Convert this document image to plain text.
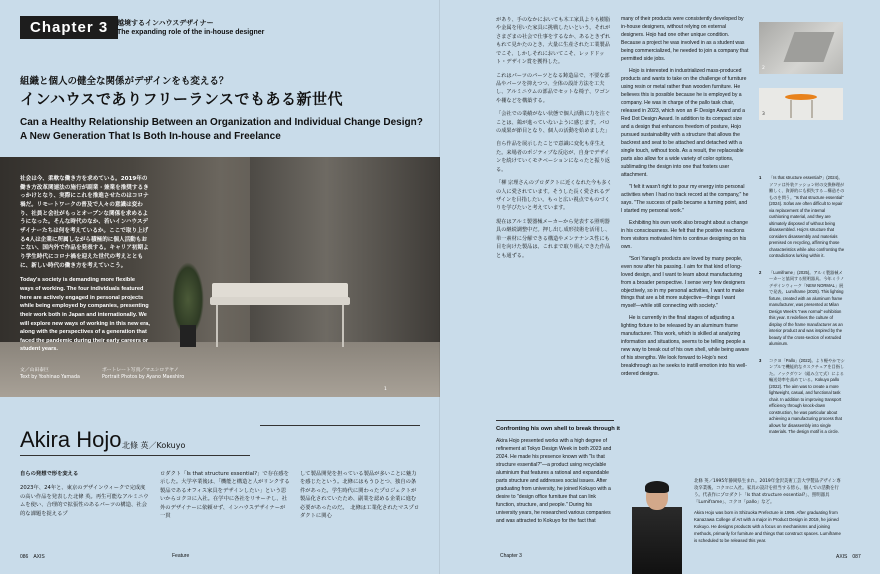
Chapter 3	越境するインハウスデザイナー
The expanding role of the in-house designer
組織と個人の健全な関係がデザインをも変える？
インハウスでありフリーランスでもある新世代
Can a Healthy Relationship Between an Organization and Individual Change Design? A New Generation That Is Both In-house and Freelance
社会は今、柔軟な働き方を求めている。2019年の働き方改革関連法の施行が副業・兼業を推奨するきっかけとなり、実際にこれを推進させたのはコロナ禍だ。リモートワークの普及で人々の意識は変わり、社員と会社がもっとオープンな関係を求めるようになった。そんな時代のなか、若いインハウスデザイナーたちは何を考えているか。ここで取り上げる4人は企業に所属しながら積極的に個人活動もおこない、国内外で作品を発表する。キャリア初期より学生時代にコロナ禍を迎えた世代の考えとともに、新しい時代の働き方を考えていこう。
Today's society is demanding more flexible ways of working. The four individuals featured here are actively engaged in personal projects while being employed by companies, presenting their work both in Japan and internationally. We will explore new ways of working in this new era, along with the perspectives of a generation that faced the pandemic during their early careers or student years.
文／山田泰巨
Text by Yoshinao Yamada
ポートレート写真／マエシロアヤノ
Portrait Photos by Ayano Maeshiro
1
Akira Hojo 北條 英／Kokuyo
自らの発想で形を変える
2023年、24年と、東京のデザインウィークで完成度の高い作品を発表した北條 英。再生可能なアルミニウムを使い、合理的で拡張性のあるパーツの構造、社会的な課題を捉えるプ
ロダクト「Is that structure essential?」で存在感を示した。大学卒業後は、「機能と構造と人がリンクする製品であるオフィス家具をデザインしたい」という思いからコクヨに入社。在学中に各社をリサーチし、社外のデザイナーに依頼せず、インハウスデザイナーが一貫
して製品開発を担っている製品が多いことに魅力を感じたという。北條にはもうひとつ、独自の条件があった。学生時代に関わったプロジェクトが製品化されていたため、副業を認める企業に進む必要があったのだ。　北條は工業化されたマスプロダクトに関心
086　AXIS	Feature

があり、手のなかにおいても木工家具よりも樹脂や金属を用いた家具に挑戦したいという。それがさまざまの社会で仕事をするなか、あるときずれもれて見かたのとき、大量に生産された工業製品でこそ、しかしそれにおいてこそ、レッドドット・デザイン賞を獲得した。

これはパーツのパーツとなる鋳造品で、不要な部品やパーツを抑えつつ、全体の設計方法を工夫し、アルミニウムの部品でセットな椅子、ワゴンや棚などを構築する。

「会社での業績がない状態で個人活動に力を注ぐことは、鶏が進っていないように感じます。パロの成果が節目となり、個人の活動を始めました」

自ら作品を展示したことで意識に変化も芽生えた。来場者のポジティブな反応が、自身でデザインを続けていくモチベーションになったと振り返る。

「柳 宗理さんのプロダクトに近くなれた今も多くの人に愛されています。そうした長く愛されるデザインを目指したい。もっと広い視点でものづくりを学びたいと考えています。

現在はアルミ製器械メーカーから発表する照明器具の継続調整中だ。押し出し成形技術を活用し、単一素材に分解できる構造やメンテナンス性にも目を向けた製品は、これまで取り組んできた作品とも通ずる。

Confronting his own shell to break through it
Akira Hojo presented works with a high degree of refinement at Tokyo Design Week in both 2023 and 2024. He made his presence known with "Is that structure essential?"—a product using recyclable aluminium that features a rational and expandable parts structure and addresses social issues. After graduating from university, he joined Kokuyo with a desire to "design office furniture that can link function, structure, and people." During his university years, he researched various companies and was attracted to Kokuyo for the fact that

many of their products were consistently developed by in-house designers, without relying on external designers. Hojo had one other unique condition. Because a project he was involved in as a student was being commercialized, he needed to join a company that permitted side jobs.

Hojo is interested in industrialized mass-produced products and wants to take on the challenge of furniture using resin or metal rather than wooden furniture. He believes this is possible because he is employed by a company. He was in charge of the pallo task chair, released in 2023, which won an iF Design Award and a Red Dot Design Award. In addition to its compact size and a design that enhances freedom of posture, Hojo pursued sustainability with a structure that allows the backrest and seat to be attached and detached with a single touch, without tools. As a result, the replaceable parts also allow for a wide variety of color options, sublimating the design into one that fosters user attachment.

"I felt it wasn't right to pour my energy into personal activities when I had no track record at the company," he says. "The success of pallo became a turning point, and I started my personal work."

Exhibiting his own work also brought about a change in his consciousness. He felt that the positive reactions from visitors motivated him to continue designing on his own.

"Sori Yanagi's products are loved by many people, even now after his passing. I aim for that kind of long-loved design, and I want to learn about manufacturing from a broader perspective. I sense very few designers objectively, so in my personal activities, I want to make things that are a bit more subjective—things I want myself—while still connecting with society."

He is currently in the final stages of adjusting a lighting fixture to be released by an aluminum frame manufacturer. This work, which is skilled at analyzing information and situations, seems to be telling people a new way to break out of his own shell, while being aware of his strengths. We look forward to Hojo's next breakthrough as he seeks to instill emotion into his well-ordered designs.

2
3
1	「Is that structure essential?」(2024)。ソファは外装クッション材の交換修理が難しく、資源的にも損失する…構造そのものを問う。"Is that structure essential" (2024). Sofas are often difficult to repair via replacement of the internal cushioning material, and they are ultimately disposed of without being disassembled. Hojo's structure that considers disassembly and materials premised on recycling, affirming those characteristics while also confronting the contradictions lurking within it.
2	「Lumiframe」(2025)。アルミ製器械メーカーと協同する照明器具。今年ミラノデザインウィーク「NEW NORMAL」展で発表。Lumiframe (2025). This lighting fixture, created with an aluminum frame manufacturer, was presented at Milan Design Week's "new normal" exhibition this year. It redefines the culture of display of the frame manufacturer as an interior product and was inspired by the beauty of the cross-section of extruded aluminum.
3	コクヨ「Pallo」(2022)。より軽やかでシンプルで機能的なタスクチェアを目指した。ノックダウン（組み立て式）による輸送効率を高めている。Kokuyo pallo (2022). The aim was to create a more lightweight, casual, and functional task chair. In addition to improving transport efficiency through knock-down construction, he was particular about achieving a manufacturing process that allows for disassembly into single materials. The design motif is a circle.
北條 英／1995年静岡県生まれ。2019年金沢美術工芸大学製品デザイン専攻卒業後、コクヨに入社。家具の設計を担当する傍ら、個人での活動を行う。代表作にプロダクト「Is that structure essential?」、照明器具「Lumiframe」、コクヨ「pallo」など。
Akira Hojo was born in Shizuoka Prefecture in 1995. After graduating from Kanazawa College of Art with a major in Product Design in 2019, he joined Kokuyo. He designs products with a focus on mechanisms and joining methods, primarily for furniture and things that construct spaces. Lumiframe is scheduled to be released this year.
Chapter 3	AXIS　087
